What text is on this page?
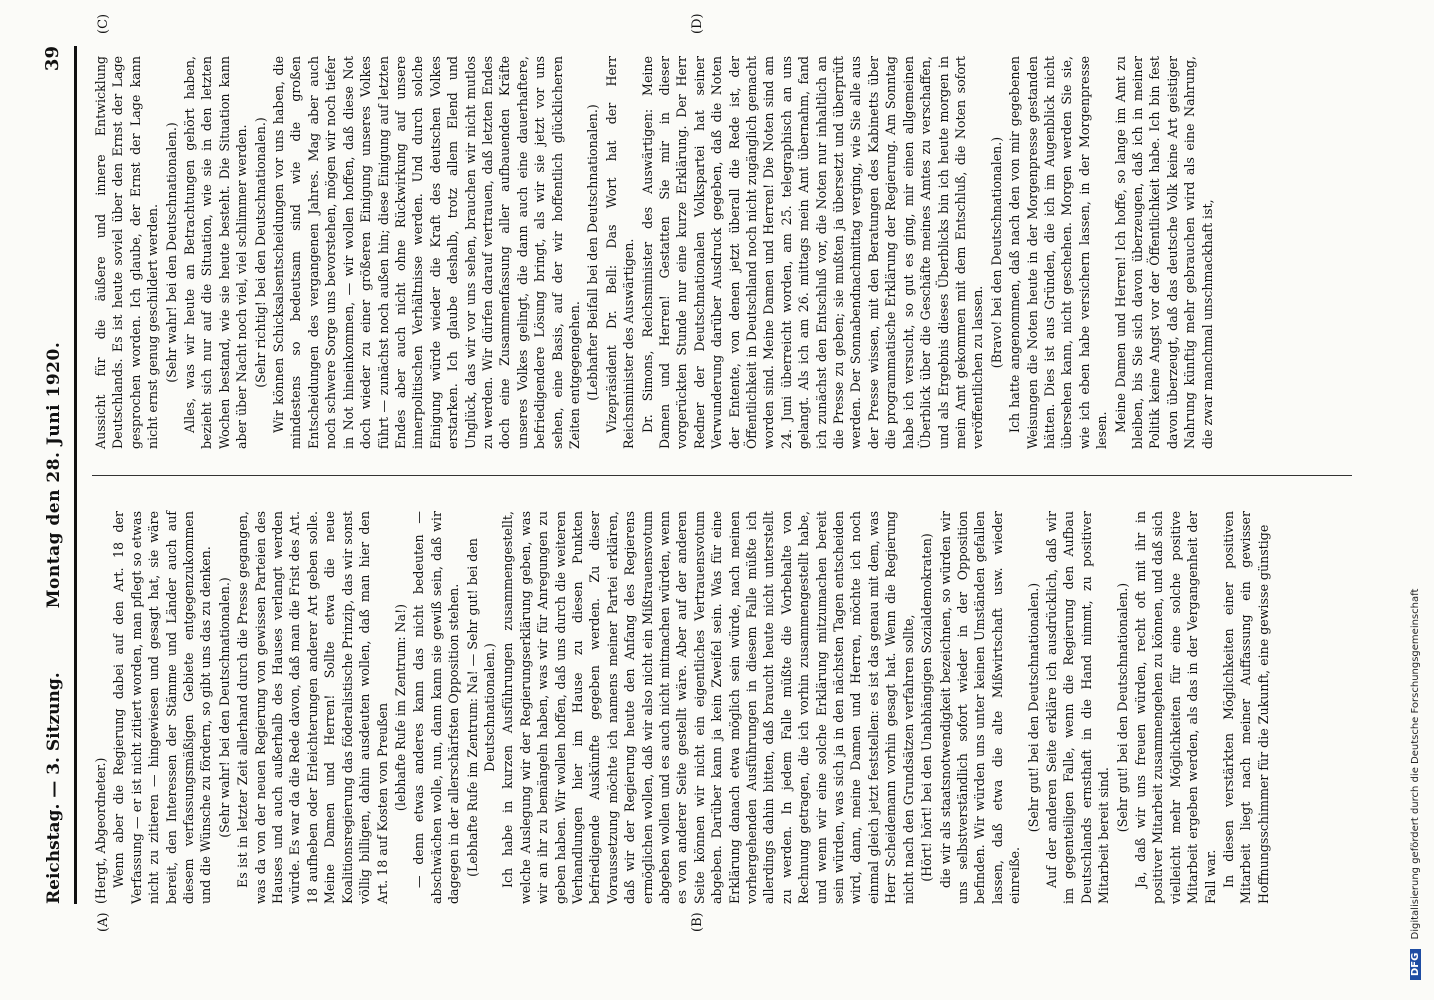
Reichstag. — 3. Sitzung.
Montag den 28. Juni 1920.
39
(A)	(B)
(C)	(D)

(Hergt, Abgeordneter.) Wenn aber die Regierung dabei auf den Art. 18 der Verfassung — er ist nicht zitiert worden, man pflegt so etwas nicht zu zitieren — hingewiesen und gesagt hat, sie wäre bereit, den Interessen der Stämme und Länder auch auf diesem verfassungsmäßigen Gebiete entgegenzukommen und die Wünsche zu fördern, so gibt uns das zu denken. (Sehr wahr! bei den Deutschnationalen.) Es ist in letzter Zeit allerhand durch die Presse gegangen, was da von der neuen Regierung von gewissen Parteien des Hauses und auch außerhalb des Hauses verlangt werden würde. Es war da die Rede davon, daß man die Frist des Art. 18 aufheben oder Erleichterungen anderer Art geben solle. Meine Damen und Herren! Sollte etwa die neue Koalitionsregierung das föderalistische Prinzip, das wir sonst völlig billigen, dahin ausdeuten wollen, daß man hier den Art. 18 auf Kosten von Preußen (lebhafte Rufe im Zentrum: Na!) — denn etwas anderes kann das nicht bedeuten — abschwächen wolle, nun, dann kann sie gewiß sein, daß wir dagegen in der allerschärfsten Opposition stehen. (Lebhafte Rufe im Zentrum: Na! — Sehr gut! bei den Deutschnationalen.) Ich habe in kurzen Ausführungen zusammengestellt, welche Auslegung wir der Regierungserklärung geben, was wir an ihr zu bemängeln haben, was wir für Anregungen zu geben haben. Wir wollen hoffen, daß uns durch die weiteren Verhandlungen hier im Hause zu diesen Punkten befriedigende Auskünfte gegeben werden. Zu dieser Voraussetzung möchte ich namens meiner Partei erklären, daß wir der Regierung heute den Anfang des Regierens ermöglichen wollen, daß wir also nicht ein Mißtrauensvotum abgeben wollen und es auch nicht mitmachen würden, wenn es von anderer Seite gestellt wäre. Aber auf der anderen Seite können wir nicht ein eigentliches Vertrauensvotum abgeben. Darüber kann ja kein Zweifel sein. Was für eine Erklärung danach etwa möglich sein würde, nach meinen vorhergehenden Ausführungen in diesem Falle müßte ich allerdings dahin bitten, daß braucht heute nicht unterstellt zu werden. In jedem Falle müßte die Vorbehalte von Rechnung getragen, die ich vorhin zusammengestellt habe, und wenn wir eine solche Erklärung mitzumachen bereit sein würden, was sich ja in den nächsten Tagen entscheiden wird, dann, meine Damen und Herren, möchte ich noch einmal gleich jetzt feststellen: es ist das genau mit dem, was Herr Scheidemann vorhin gesagt hat. Wenn die Regierung nicht nach den Grundsätzen verfahren sollte, (Hört! hört! bei den Unabhängigen Sozialdemokraten) die wir als staatsnotwendigkeit bezeichnen, so würden wir uns selbstverständlich sofort wieder in der Opposition befinden. Wir würden uns unter keinen Umständen gefallen lassen, daß etwa die alte Mißwirtschaft usw. wieder einreiße.

(Sehr gut! bei den Deutschnationalen.) Auf der anderen Seite erkläre ich ausdrücklich, daß wir im gegenteiligen Falle, wenn die Regierung den Aufbau Deutschlands ernsthaft in die Hand nimmt, zu positiver Mitarbeit bereit sind.

(Sehr gut! bei den Deutschnationalen.) Ja, daß wir uns freuen würden, recht oft mit ihr in positiver Mitarbeit zusammengehen zu können, und daß sich vielleicht mehr Möglichkeiten für eine solche positive Mitarbeit ergeben werden, als das in der Vergangenheit der Fall war. In diesen verstärkten Möglichkeiten einer positiven Mitarbeit liegt nach meiner Auffassung ein gewisser Hoffnungsschimmer für die Zukunft, eine gewisse günstige

Aussicht für die äußere und innere Entwicklung Deutschlands. Es ist heute soviel über den Ernst der Lage gesprochen worden. Ich glaube, der Ernst der Lage kann nicht ernst genug geschildert werden. (Sehr wahr! bei den Deutschnationalen.) Alles, was wir heute an Betrachtungen gehört haben, bezieht sich nur auf die Situation, wie sie in den letzten Wochen bestand, wie sie heute besteht. Die Situation kann aber über Nacht noch viel, viel schlimmer werden. (Sehr richtig! bei den Deutschnationalen.) Wir können Schicksalsentscheidungen vor uns haben, die mindestens so bedeutsam sind wie die großen Entscheidungen des vergangenen Jahres. Mag aber auch noch schwere Sorge uns bevorstehen, mögen wir noch tiefer in Not hineinkommen, — wir wollen hoffen, daß diese Not doch wieder zu einer größeren Einigung unseres Volkes führt — zunächst noch außen hin; diese Einigung auf letzten Endes aber auch nicht ohne Rückwirkung auf unsere innerpolitischen Verhältnisse werden. Und durch solche Einigung würde wieder die Kraft des deutschen Volkes erstarken. Ich glaube deshalb, trotz allem Elend und Unglück, das wir vor uns sehen, brauchen wir nicht mutlos zu werden. Wir dürfen darauf vertrauen, daß letzten Endes doch eine Zusammenfassung aller aufbauenden Kräfte unseres Volkes gelingt, die dann auch eine dauerhaftere, befriedigendere Lösung bringt, als wir sie jetzt vor uns sehen, eine Basis, auf der wir hoffentlich glücklicheren Zeiten entgegengehen. (Lebhafter Beifall bei den Deutschnationalen.) Vizepräsident Dr. Bell: Das Wort hat der Herr Reichsminister des Auswärtigen. Dr. Simons, Reichsminister des Auswärtigen: Meine Damen und Herren! Gestatten Sie mir in dieser vorgerückten Stunde nur eine kurze Erklärung. Der Herr Redner der Deutschnationalen Volkspartei hat seiner Verwunderung darüber Ausdruck gegeben, daß die Noten der Entente, von denen jetzt überall die Rede ist, der Öffentlichkeit in Deutschland noch nicht zugänglich gemacht worden sind. Meine Damen und Herren! Die Noten sind am 24. Juni überreicht worden, am 25. telegraphisch an uns gelangt. Als ich am 26. mittags mein Amt übernahm, fand ich zunächst den Entschluß vor, die Noten nur inhaltlich an die Presse zu geben; sie mußten ja übersetzt und überprüft werden. Der Sonnabendnachmittag verging, wie Sie alle aus der Presse wissen, mit den Beratungen des Kabinetts über die programmatische Erklärung der Regierung. Am Sonntag habe ich versucht, so gut es ging, mir einen allgemeinen Überblick über die Geschäfte meines Amtes zu verschaffen, und als Ergebnis dieses Überblicks bin ich heute morgen in mein Amt gekommen mit dem Entschluß, die Noten sofort veröffentlichen zu lassen. (Bravo! bei den Deutschnationalen.) Ich hatte angenommen, daß nach den von mir gegebenen Weisungen die Noten heute in der Morgenpresse gestanden hätten. Dies ist aus Gründen, die ich im Augenblick nicht übersehen kann, nicht geschehen. Morgen werden Sie sie, wie ich eben habe versichern lassen, in der Morgenpresse lesen. Meine Damen und Herren! Ich hoffe, so lange im Amt zu bleiben, bis Sie sich davon überzeugen, daß ich in meiner Politik keine Angst vor der Öffentlichkeit habe. Ich bin fest davon überzeugt, daß das deutsche Volk keine Art geistiger Nahrung künftig mehr gebrauchen wird als eine Nahrung, die zwar manchmal unschmackhaft ist,

DFG Digitalisierung gefördert durch die Deutsche Forschungsgemeinschaft
